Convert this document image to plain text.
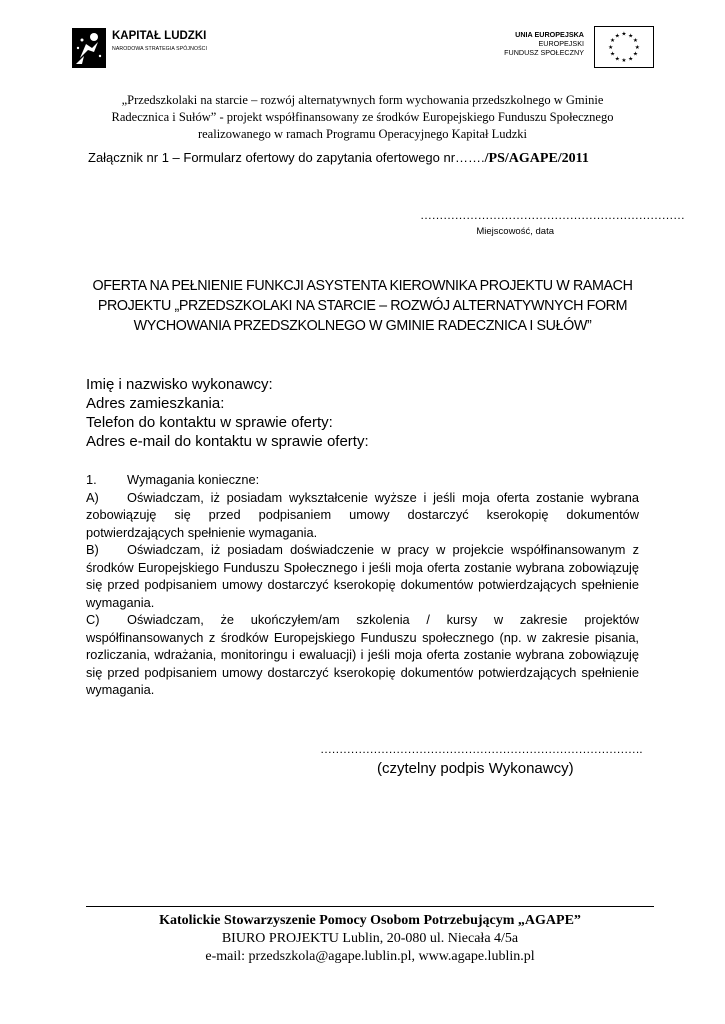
KAPITAŁ LUDZKI
NARODOWA STRATEGIA SPÓJNOŚCI
UNIA EUROPEJSKA
EUROPEJSKI
FUNDUSZ SPOŁECZNY
★ ★
★
★
★
★
★
★
★
★
★
★
„Przedszkolaki na starcie – rozwój alternatywnych form wychowania przedszkolnego w Gminie
Radecznica i Sułów” - projekt współfinansowany ze środków Europejskiego Funduszu Społecznego
realizowanego w ramach Programu Operacyjnego Kapitał Ludzki
Załącznik nr 1 – Formularz ofertowy do zapytania ofertowego nr……./PS/AGAPE/2011
……………………………………………………………
Miejscowość, data
OFERTA NA PEŁNIENIE FUNKCJI ASYSTENTA KIEROWNIKA PROJEKTU W RAMACH
PROJEKTU „PRZEDSZKOLAKI NA STARCIE – ROZWÓJ ALTERNATYWNYCH FORM
WYCHOWANIA PRZEDSZKOLNEGO W GMINIE RADECZNICA I SUŁÓW”
Imię i nazwisko wykonawcy:
Adres zamieszkania:
Telefon do kontaktu w sprawie oferty:
Adres e-mail do kontaktu w sprawie oferty:
1. Wymagania konieczne:

A) Oświadczam, iż posiadam wykształcenie wyższe i jeśli moja oferta zostanie wybrana zobowiązuję się przed podpisaniem umowy dostarczyć kserokopię dokumentów potwierdzających spełnienie wymagania.

B) Oświadczam, iż posiadam doświadczenie w pracy w projekcie współfinansowanym z środków Europejskiego Funduszu Społecznego i jeśli moja oferta zostanie wybrana zobowiązuję się przed podpisaniem umowy dostarczyć kserokopię dokumentów potwierdzających spełnienie wymagania.

C) Oświadczam, że ukończyłem/am szkolenia / kursy w zakresie projektów współfinansowanych z środków Europejskiego Funduszu społecznego (np. w zakresie pisania, rozliczania, wdrażania, monitoringu i ewaluacji) i jeśli moja oferta zostanie wybrana zobowiązuję się przed podpisaniem umowy dostarczyć kserokopię dokumentów potwierdzających spełnienie wymagania.

………………………………………………………………………….
(czytelny podpis Wykonawcy)
Katolickie Stowarzyszenie Pomocy Osobom Potrzebującym „AGAPE”
BIURO PROJEKTU Lublin, 20-080 ul. Niecała 4/5a
e-mail: przedszkola@agape.lublin.pl, www.agape.lublin.pl
